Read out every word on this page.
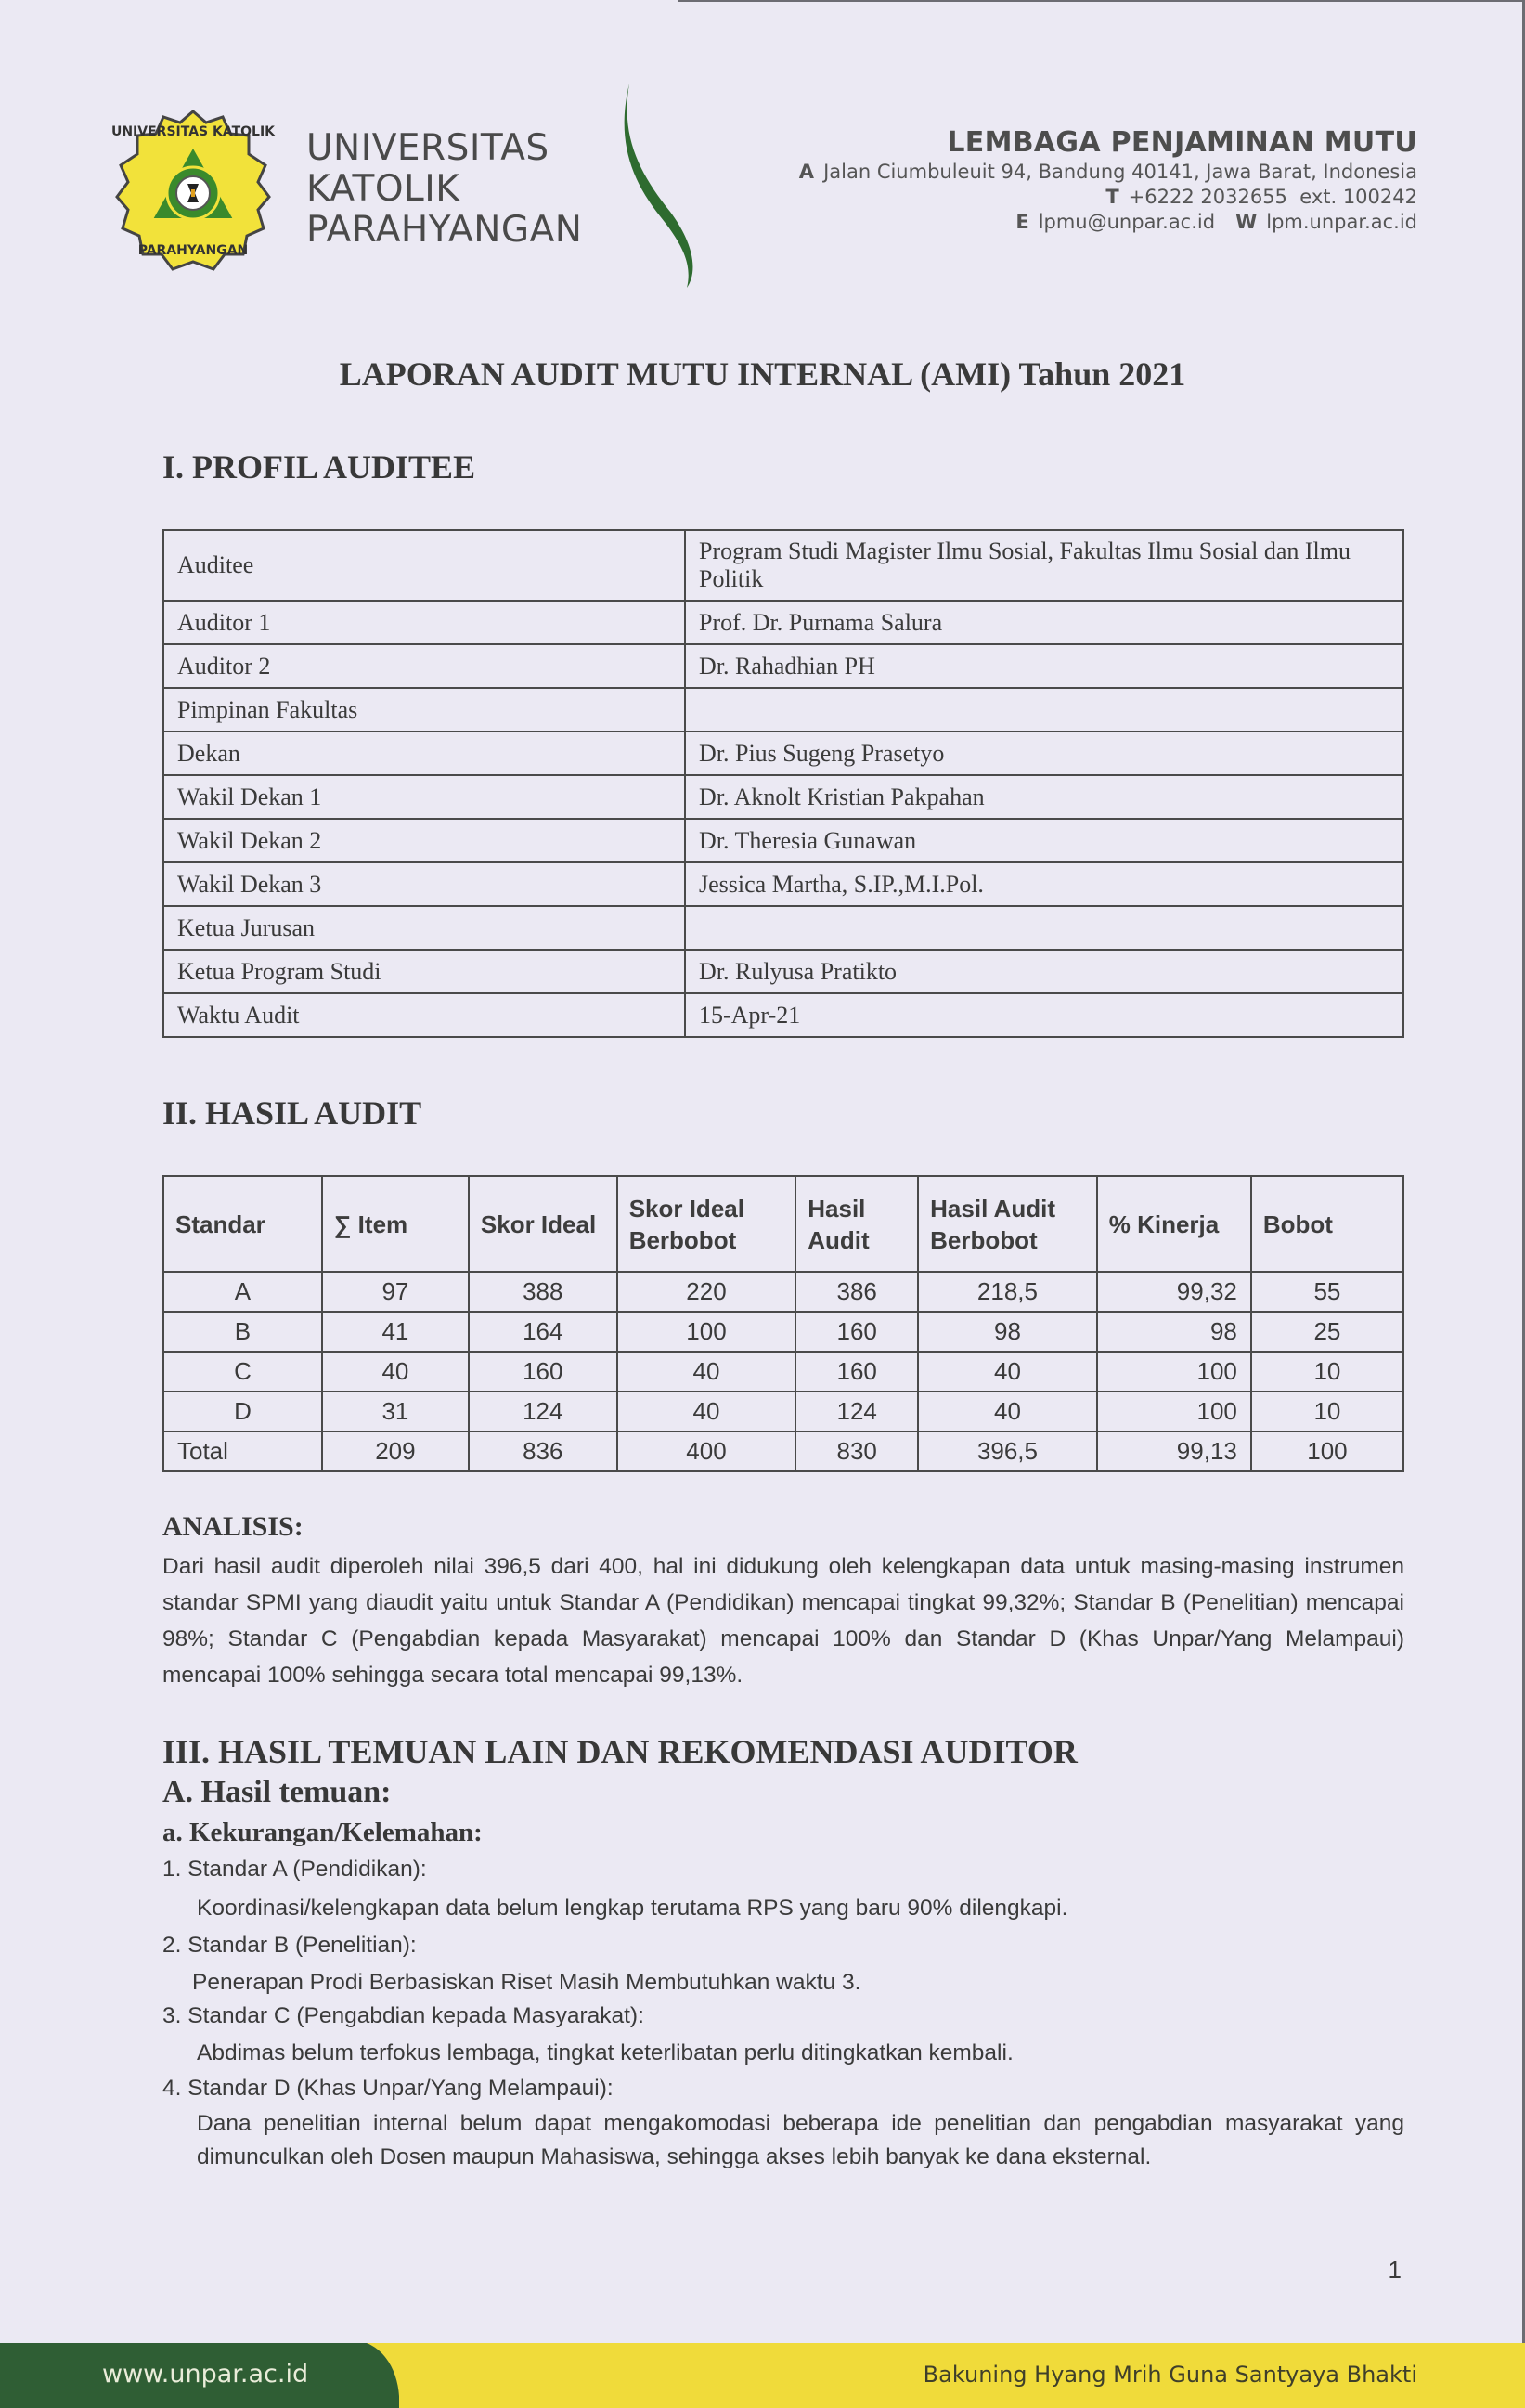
UNIVERSITAS KATOLIK
PARAHYANGAN
UNIVERSITAS
KATOLIK
PARAHYANGAN
LEMBAGA PENJAMINAN MUTU
A Jalan Ciumbuleuit 94, Bandung 40141, Jawa Barat, Indonesia
T +6222 2032655  ext. 100242
E lpmu@unpar.ac.id W lpm.unpar.ac.id
LAPORAN AUDIT MUTU INTERNAL (AMI) Tahun 2021
I. PROFIL AUDITEE
Auditee	Program Studi Magister Ilmu Sosial, Fakultas Ilmu Sosial dan Ilmu Politik
Auditor 1	Prof. Dr. Purnama Salura
Auditor 2	Dr. Rahadhian PH
Pimpinan Fakultas	
Dekan	Dr. Pius Sugeng Prasetyo
Wakil Dekan 1	Dr. Aknolt Kristian Pakpahan
Wakil Dekan 2	Dr. Theresia Gunawan
Wakil Dekan 3	Jessica Martha, S.IP.,M.I.Pol.
Ketua Jurusan	
Ketua Program Studi	Dr. Rulyusa Pratikto
Waktu Audit	15-Apr-21
II. HASIL AUDIT
Standar	∑ Item	Skor Ideal	Skor Ideal Berbobot	Hasil Audit	Hasil Audit Berbobot	% Kinerja	Bobot
A	97	388	220	386	218,5	99,32	55
B	41	164	100	160	98	98	25
C	40	160	40	160	40	100	10
D	31	124	40	124	40	100	10
Total	209	836	400	830	396,5	99,13	100
ANALISIS:
Dari hasil audit diperoleh nilai 396,5 dari 400, hal ini didukung oleh kelengkapan data untuk masing-masing instrumen standar SPMI yang diaudit yaitu untuk Standar A (Pendidikan) mencapai tingkat 99,32%; Standar B (Penelitian) mencapai 98%; Standar C (Pengabdian kepada Masyarakat) mencapai 100% dan Standar D (Khas Unpar/Yang Melampaui) mencapai 100% sehingga secara total mencapai 99,13%.
III. HASIL TEMUAN LAIN DAN REKOMENDASI AUDITOR
A. Hasil temuan:
a. Kekurangan/Kelemahan:
1. Standar A (Pendidikan):
Koordinasi/kelengkapan data belum lengkap terutama RPS yang baru 90% dilengkapi.
2. Standar B (Penelitian):
Penerapan Prodi Berbasiskan Riset Masih Membutuhkan waktu 3.
3. Standar C (Pengabdian kepada Masyarakat):
Abdimas belum terfokus lembaga, tingkat keterlibatan perlu ditingkatkan kembali.
4. Standar D (Khas Unpar/Yang Melampaui):
Dana penelitian internal belum dapat mengakomodasi beberapa ide penelitian dan pengabdian masyarakat yang dimunculkan oleh Dosen maupun Mahasiswa, sehingga akses lebih banyak ke dana eksternal.
1
www.unpar.ac.id	Bakuning Hyang Mrih Guna Santyaya Bhakti
